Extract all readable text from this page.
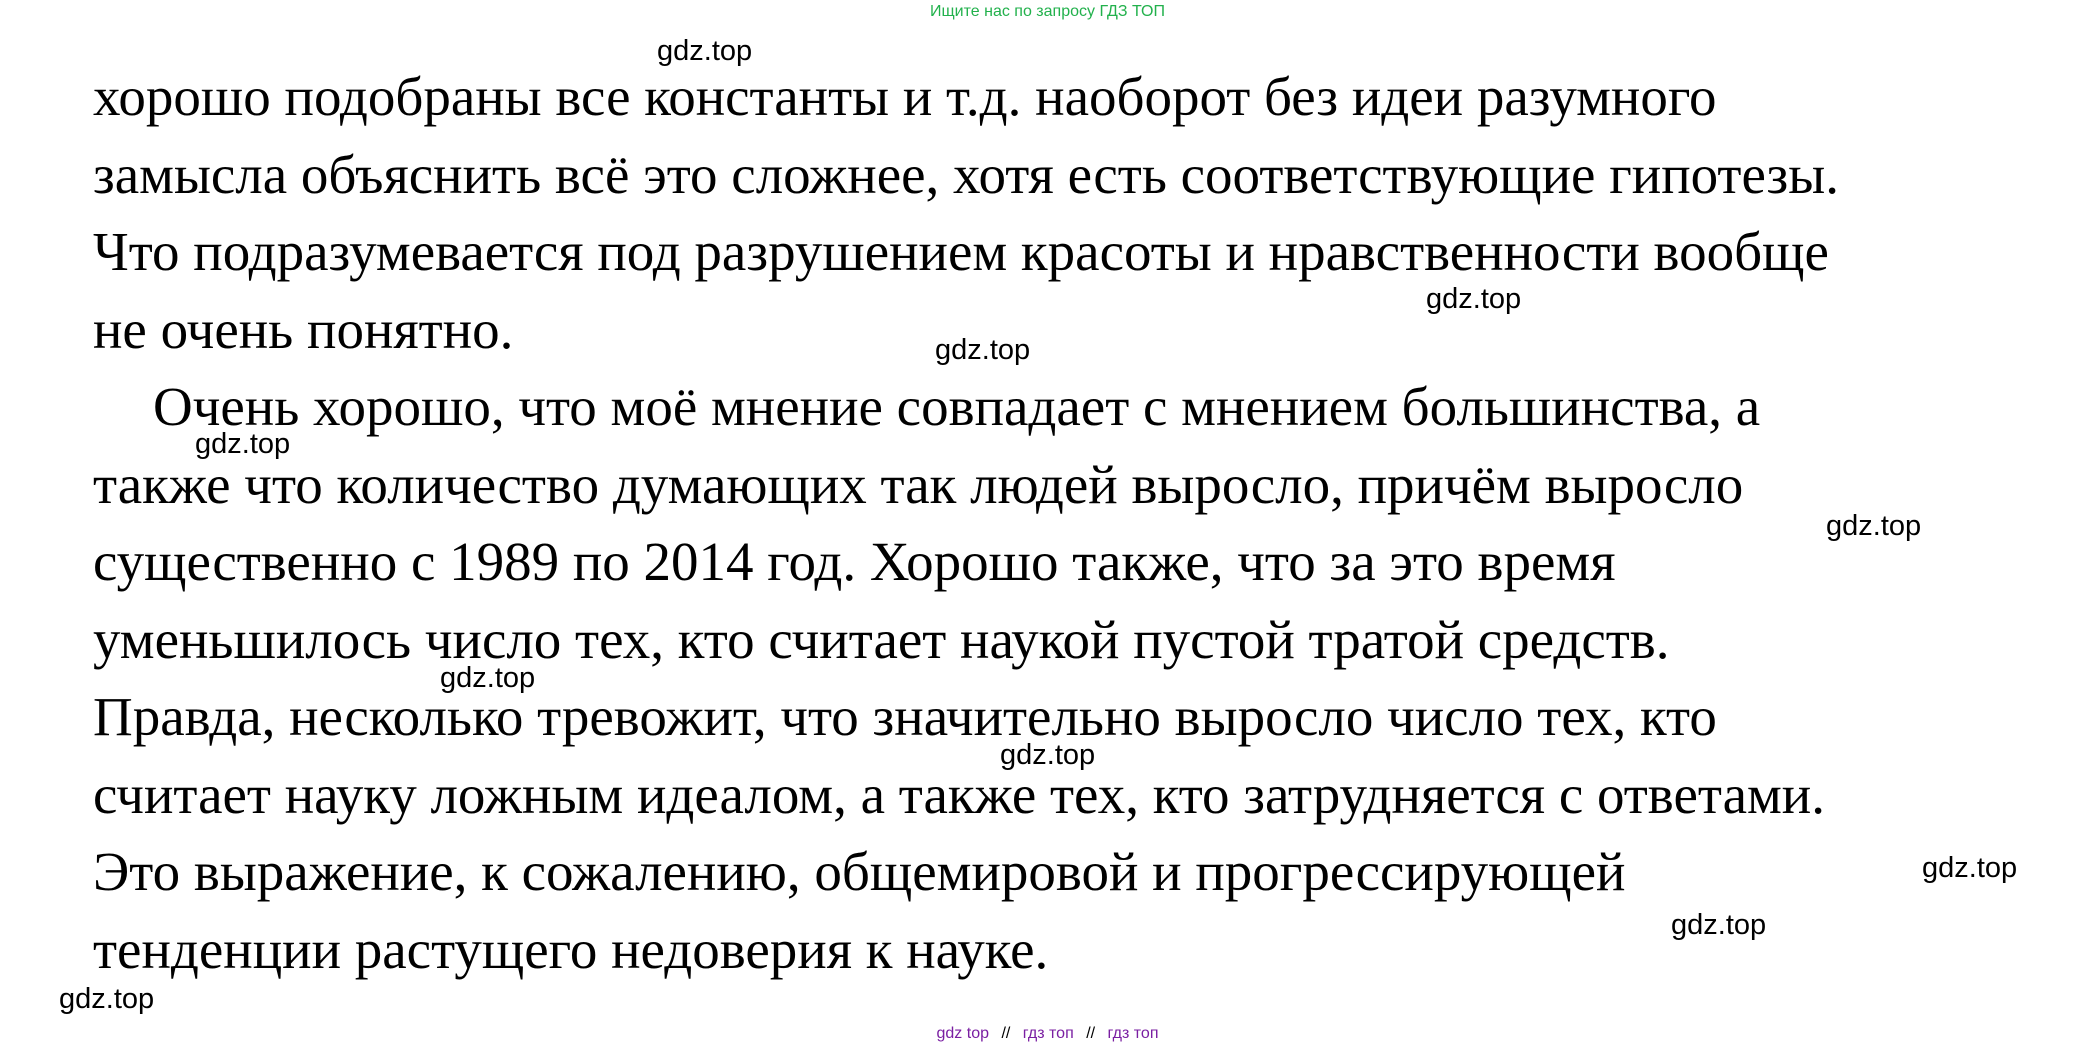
Ищите нас по запросу ГДЗ ТОП
хорошо подобраны все константы и т.д. наоборот без идеи разумного
замысла объяснить всё это сложнее, хотя есть соответствующие гипотезы.
Что подразумевается под разрушением красоты и нравственности вообще
не очень понятно.
Очень хорошо, что моё мнение совпадает с мнением большинства, а
также что количество думающих так людей выросло, причём выросло
существенно с 1989 по 2014 год. Хорошо также, что за это время
уменьшилось число тех, кто считает наукой пустой тратой средств.
Правда, несколько тревожит, что значительно выросло число тех, кто
считает науку ложным идеалом, а также тех, кто затрудняется с ответами.
Это выражение, к сожалению, общемировой и прогрессирующей
тенденции растущего недоверия к науке.
gdz.top
gdz.top
gdz.top
gdz.top
gdz.top
gdz.top
gdz.top
gdz.top
gdz.top
gdz.top
gdz top // гдз топ // гдз топ
